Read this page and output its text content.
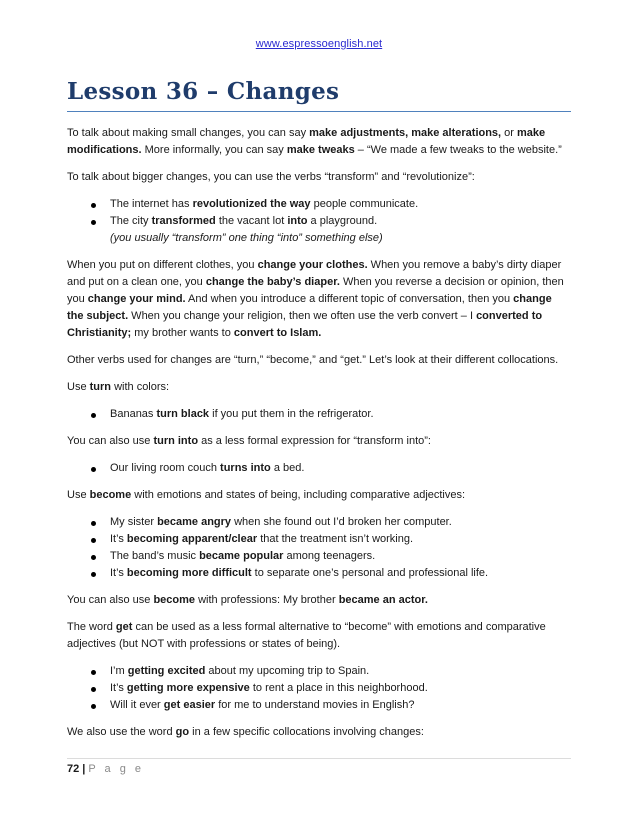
www.espressoenglish.net
Lesson 36 – Changes

To talk about making small changes, you can say make adjustments, make alterations, or make modifications. More informally, you can say make tweaks – “We made a few tweaks to the website.”

To talk about bigger changes, you can use the verbs “transform” and “revolutionize”:

The internet has revolutionized the way people communicate.
The city transformed the vacant lot into a playground.
(you usually “transform” one thing “into” something else)

When you put on different clothes, you change your clothes. When you remove a baby’s dirty diaper and put on a clean one, you change the baby’s diaper. When you reverse a decision or opinion, then you change your mind. And when you introduce a different topic of conversation, then you change the subject. When you change your religion, then we often use the verb convert – I converted to Christianity; my brother wants to convert to Islam.

Other verbs used for changes are “turn,” “become,” and “get.” Let’s look at their different collocations.

Use turn with colors:

Bananas turn black if you put them in the refrigerator.

You can also use turn into as a less formal expression for “transform into”:

Our living room couch turns into a bed.

Use become with emotions and states of being, including comparative adjectives:

My sister became angry when she found out I’d broken her computer.
It’s becoming apparent/clear that the treatment isn’t working.
The band’s music became popular among teenagers.
It’s becoming more difficult to separate one’s personal and professional life.

You can also use become with professions: My brother became an actor.

The word get can be used as a less formal alternative to “become” with emotions and comparative adjectives (but NOT with professions or states of being).

I’m getting excited about my upcoming trip to Spain.
It’s getting more expensive to rent a place in this neighborhood.
Will it ever get easier for me to understand movies in English?

We also use the word go in a few specific collocations involving changes:

72 | P a g e
